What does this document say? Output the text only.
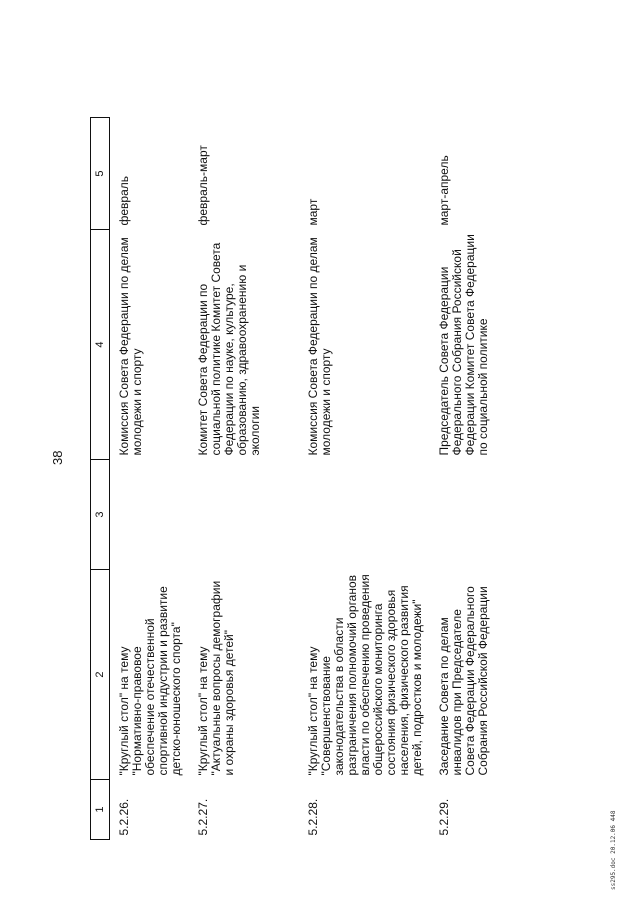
38
1	2	3	4	5
5.2.26.	"Круглый стол" на тему "Нормативно-правовое обеспечение отечественной спортивной индустрии и развитие детско-юношеского спорта"		Комиссия Совета Федерации по делам молодежи и спорту	февраль
5.2.27.	"Круглый стол" на тему "Актуальные вопросы демографии и охраны здоровья детей"		Комитет Совета Федерации по социальной политике Комитет Совета Федерации по науке, культуре, образованию, здравоохранению и экологии	февраль-март
5.2.28.	"Круглый стол" на тему "Совершенствование законодательства в области разграничения полномочий органов власти по обеспечению проведения общероссийского мониторинга состояния физического здоровья населения, физического развития детей, подростков и молодежи"		Комиссия Совета Федерации по делам молодежи и спорту	март
5.2.29.	Заседание Совета по делам инвалидов при Председателе Совета Федерации Федерального Собрания Российской Федерации		Председатель Совета Федерации Федерального Собрания Российской Федерации Комитет Совета Федерации по социальной политике	март-апрель
ss295.doc 20.12.06 448
